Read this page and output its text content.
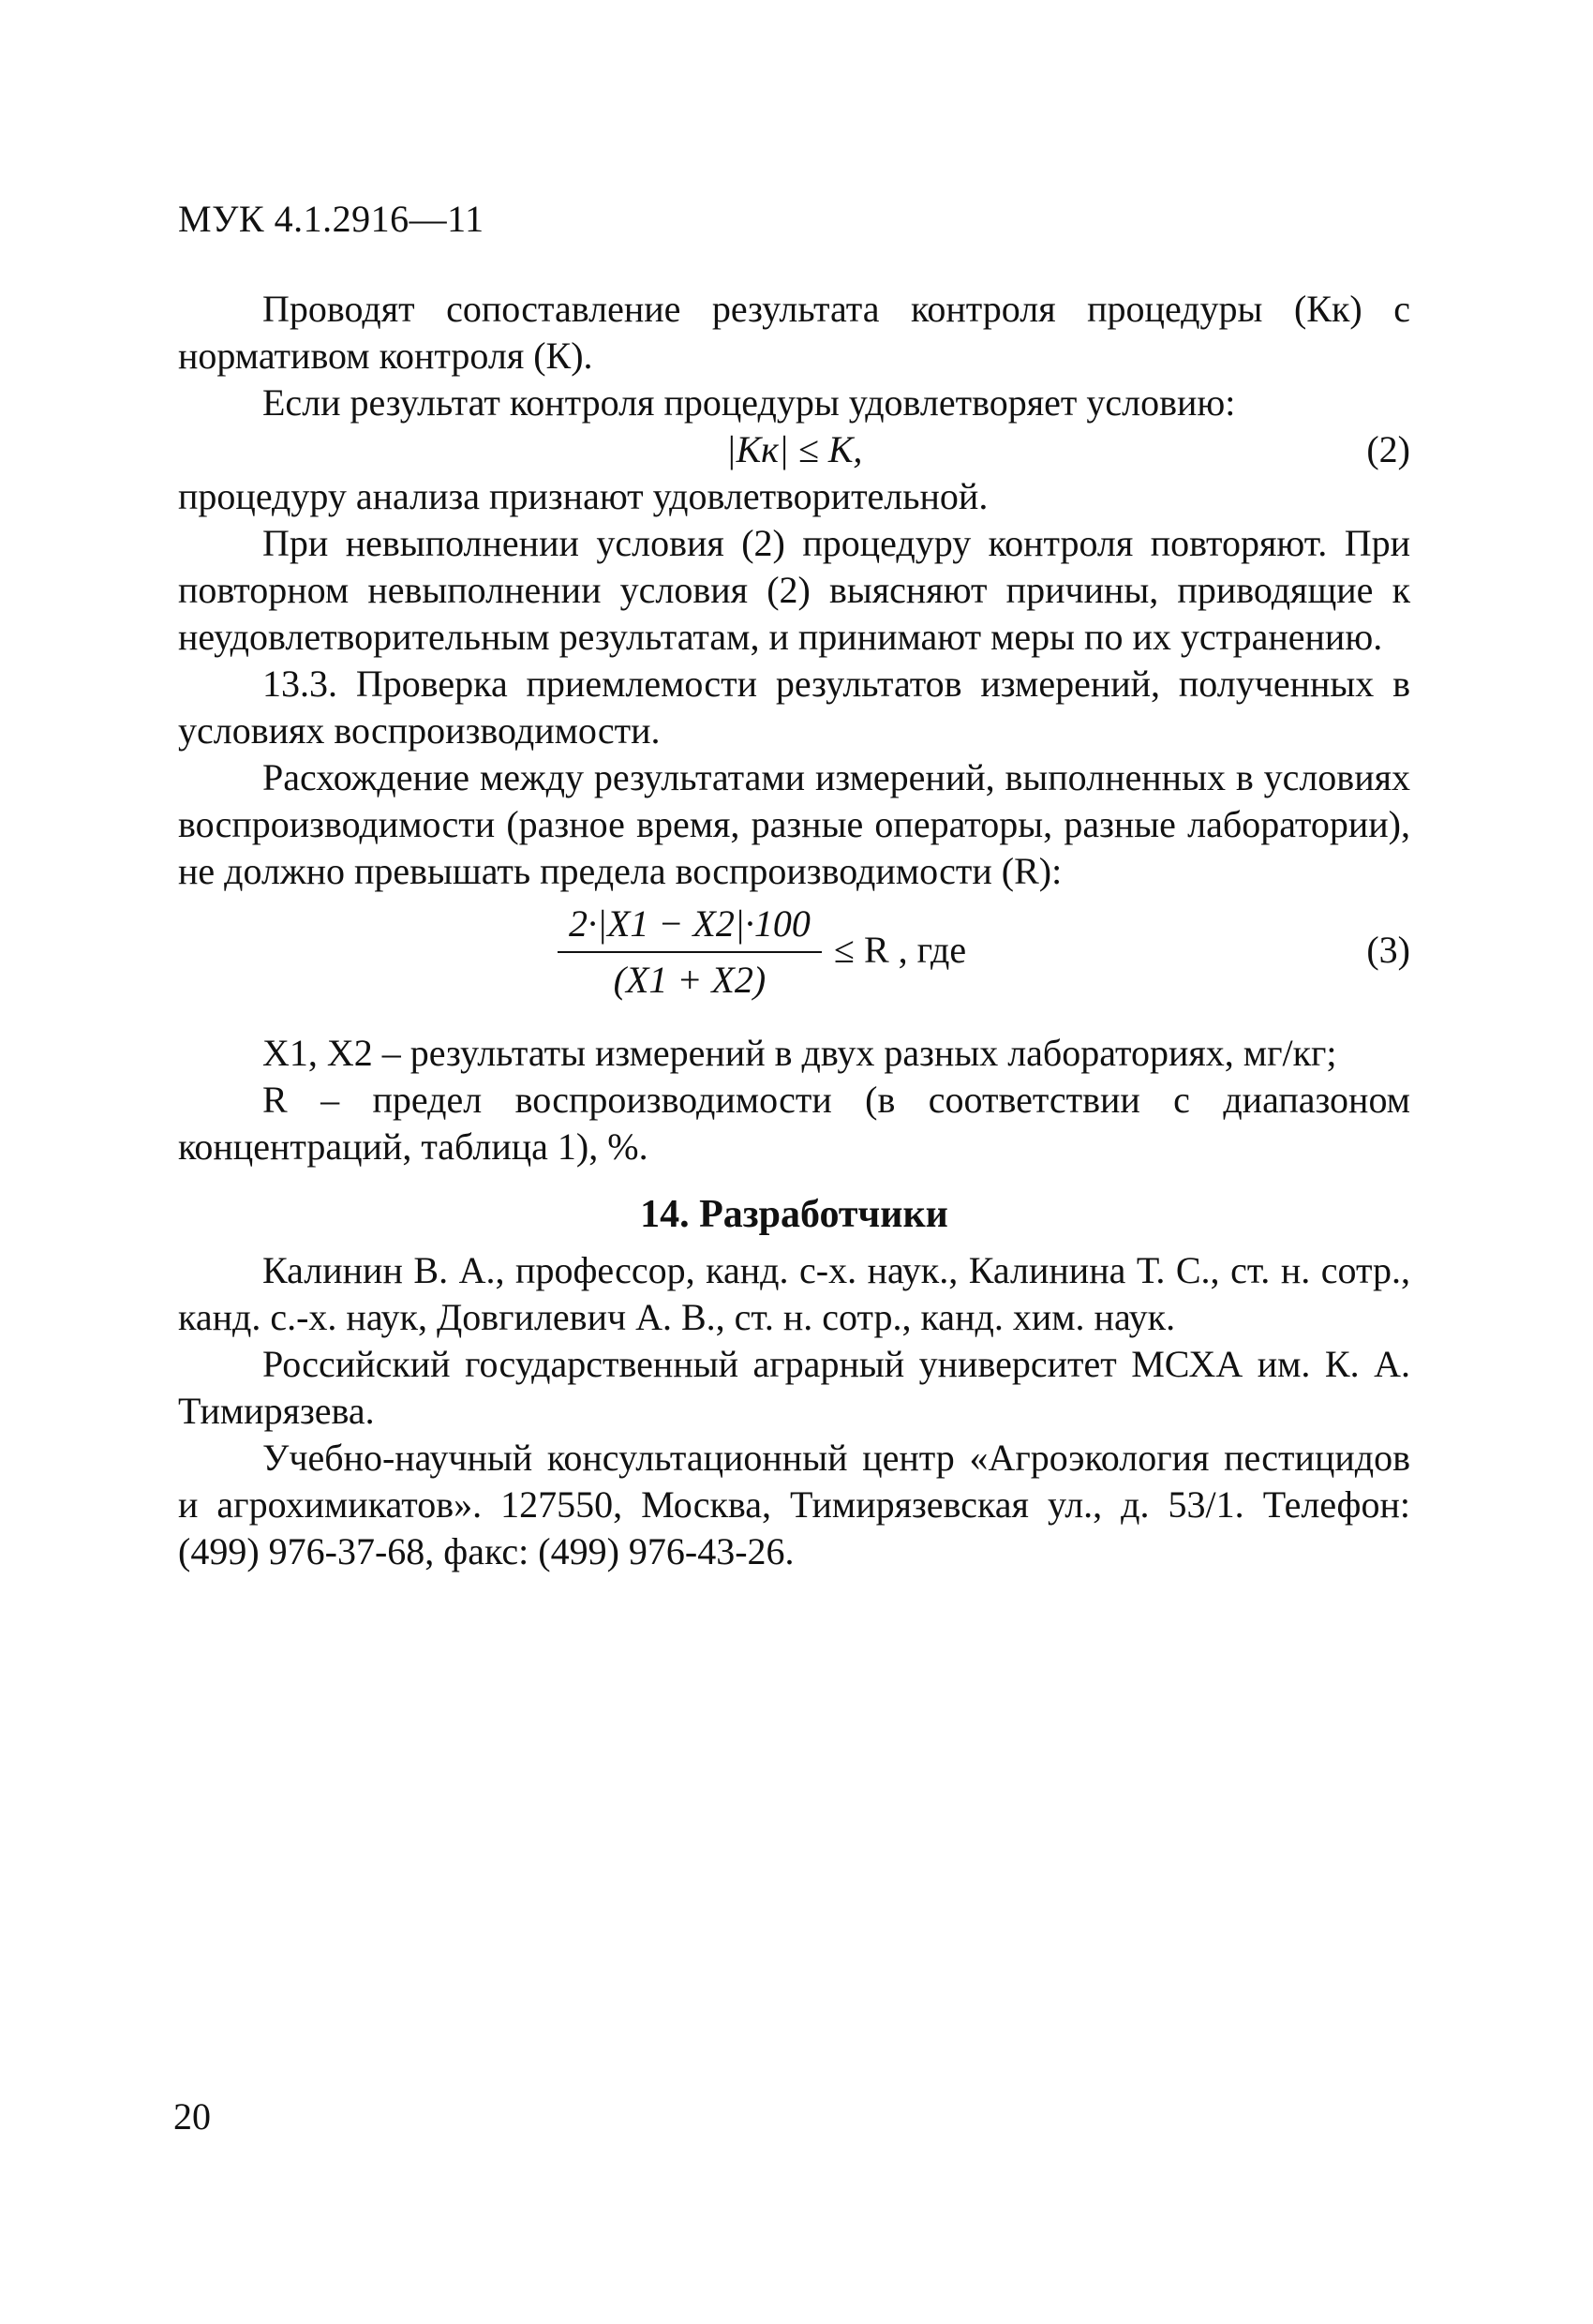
МУК 4.1.2916—11

Проводят сопоставление результата контроля процедуры (Кк) с нормативом контроля (К).

Если результат контроля процедуры удовлетворяет условию:

|Кк| ≤ К,	(2)

процедуру анализа признают удовлетворительной.

При невыполнении условия (2) процедуру контроля повторяют. При повторном невыполнении условия (2) выясняют причины, приводящие к неудовлетворительным результатам, и принимают меры по их устранению.

13.3. Проверка приемлемости результатов измерений, полученных в условиях воспроизводимости.

Расхождение между результатами измерений, выполненных в условиях воспроизводимости (разное время, разные операторы, разные лаборатории), не должно превышать предела воспроизводимости (R):

$\frac{2\cdot|X1 - X2|\cdot 100}{(X1 + X2)} \le R$ , где	(3)

X1, X2 – результаты измерений в двух разных лабораториях, мг/кг;

R – предел воспроизводимости (в соответствии с диапазоном концентраций, таблица 1), %.

14. Разработчики

Калинин В. А., профессор, канд. с-х. наук., Калинина Т. С., ст. н. сотр., канд. с.-х. наук, Довгилевич А. В., ст. н. сотр., канд. хим. наук.

Российский государственный аграрный университет МСХА им. К. А. Тимирязева.

Учебно-научный консультационный центр «Агроэкология пестицидов и агрохимикатов». 127550, Москва, Тимирязевская ул., д. 53/1. Телефон: (499) 976-37-68, факс: (499) 976-43-26.

20
